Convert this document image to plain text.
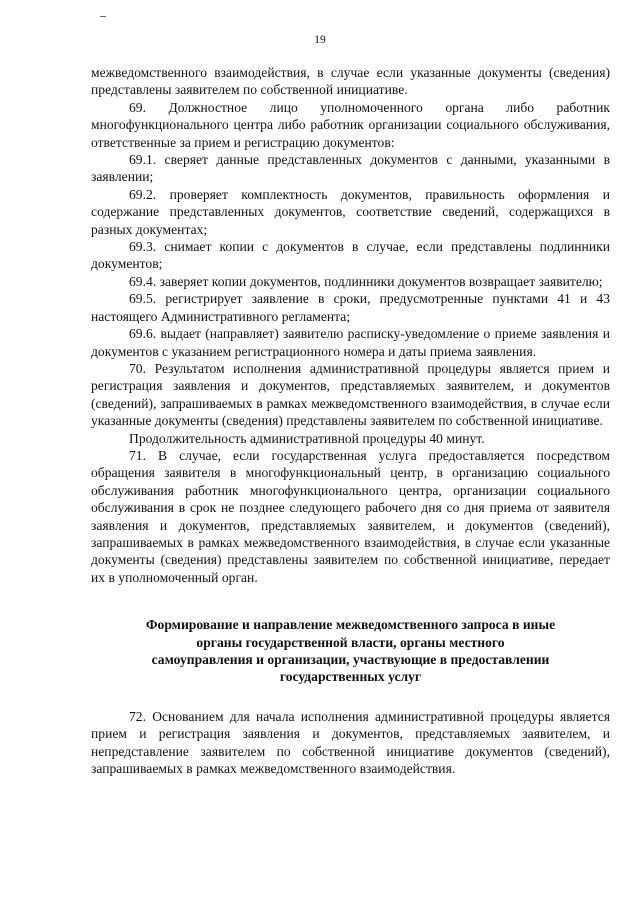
19

межведомственного взаимодействия, в случае если указанные документы (сведения) представлены заявителем по собственной инициативе.

69. Должностное лицо уполномоченного органа либо работник многофункционального центра либо работник организации социального обслуживания, ответственные за прием и регистрацию документов:

69.1. сверяет данные представленных документов с данными, указанными в заявлении;

69.2. проверяет комплектность документов, правильность оформления и содержание представленных документов, соответствие сведений, содержащихся в разных документах;

69.3. снимает копии с документов в случае, если представлены подлинники документов;

69.4. заверяет копии документов, подлинники документов возвращает заявителю;

69.5. регистрирует заявление в сроки, предусмотренные пунктами 41 и 43 настоящего Административного регламента;

69.6. выдает (направляет) заявителю расписку-уведомление о приеме заявления и документов с указанием регистрационного номера и даты приема заявления.

70. Результатом исполнения административной процедуры является прием и регистрация заявления и документов, представляемых заявителем, и документов (сведений), запрашиваемых в рамках межведомственного взаимодействия, в случае если указанные документы (сведения) представлены заявителем по собственной инициативе.

Продолжительность административной процедуры 40 минут.

71. В случае, если государственная услуга предоставляется посредством обращения заявителя в многофункциональный центр, в организацию социального обслуживания работник многофункционального центра, организации социального обслуживания в срок не позднее следующего рабочего дня со дня приема от заявителя заявления и документов, представляемых заявителем, и документов (сведений), запрашиваемых в рамках межведомственного взаимодействия, в случае если указанные документы (сведения) представлены заявителем по собственной инициативе, передает их в уполномоченный орган.

Формирование и направление межведомственного запроса в иные
органы государственной власти, органы местного
самоуправления и организации, участвующие в предоставлении
государственных услуг

72. Основанием для начала исполнения административной процедуры является прием и регистрация заявления и документов, представляемых заявителем, и непредставление заявителем по собственной инициативе документов (сведений), запрашиваемых в рамках межведомственного взаимодействия.
